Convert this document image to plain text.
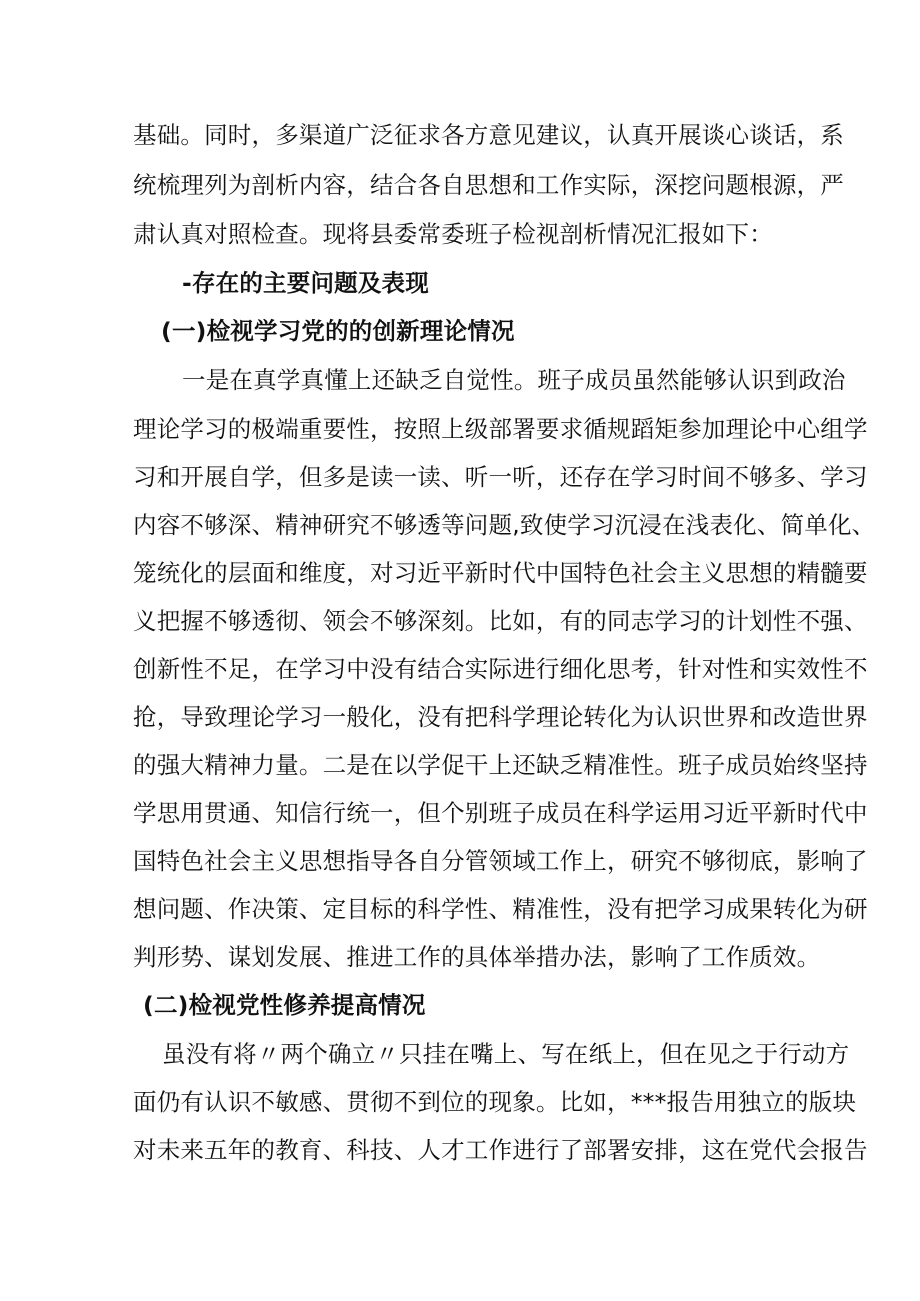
基础。同时，多渠道广泛征求各方意见建议，认真开展谈心谈话，系
统梳理列为剖析内容，结合各自思想和工作实际，深挖问题根源，严
肃认真对照检查。现将县委常委班子检视剖析情况汇报如下：
-存在的主要问题及表现
(一)检视学习党的的创新理论情况
一是在真学真懂上还缺乏自觉性。班子成员虽然能够认识到政治
理论学习的极端重要性，按照上级部署要求循规蹈矩参加理论中心组学
习和开展自学，但多是读一读、听一听，还存在学习时间不够多、学习
内容不够深、精神研究不够透等问题,致使学习沉浸在浅表化、简单化、
笼统化的层面和维度，对习近平新时代中国特色社会主义思想的精髓要
义把握不够透彻、领会不够深刻。比如，有的同志学习的计划性不强、
创新性不足，在学习中没有结合实际进行细化思考，针对性和实效性不
抢，导致理论学习一般化，没有把科学理论转化为认识世界和改造世界
的强大精神力量。二是在以学促干上还缺乏精准性。班子成员始终坚持
学思用贯通、知信行统一，但个别班子成员在科学运用习近平新时代中
国特色社会主义思想指导各自分管领域工作上，研究不够彻底，影响了
想问题、作决策、定目标的科学性、精准性，没有把学习成果转化为研
判形势、谋划发展、推进工作的具体举措办法，影响了工作质效。
(二)检视党性修养提高情况
虽没有将〃两个确立〃只挂在嘴上、写在纸上，但在见之于行动方
面仍有认识不敏感、贯彻不到位的现象。比如，***报告用独立的版块
对未来五年的教育、科技、人才工作进行了部署安排，这在党代会报告
